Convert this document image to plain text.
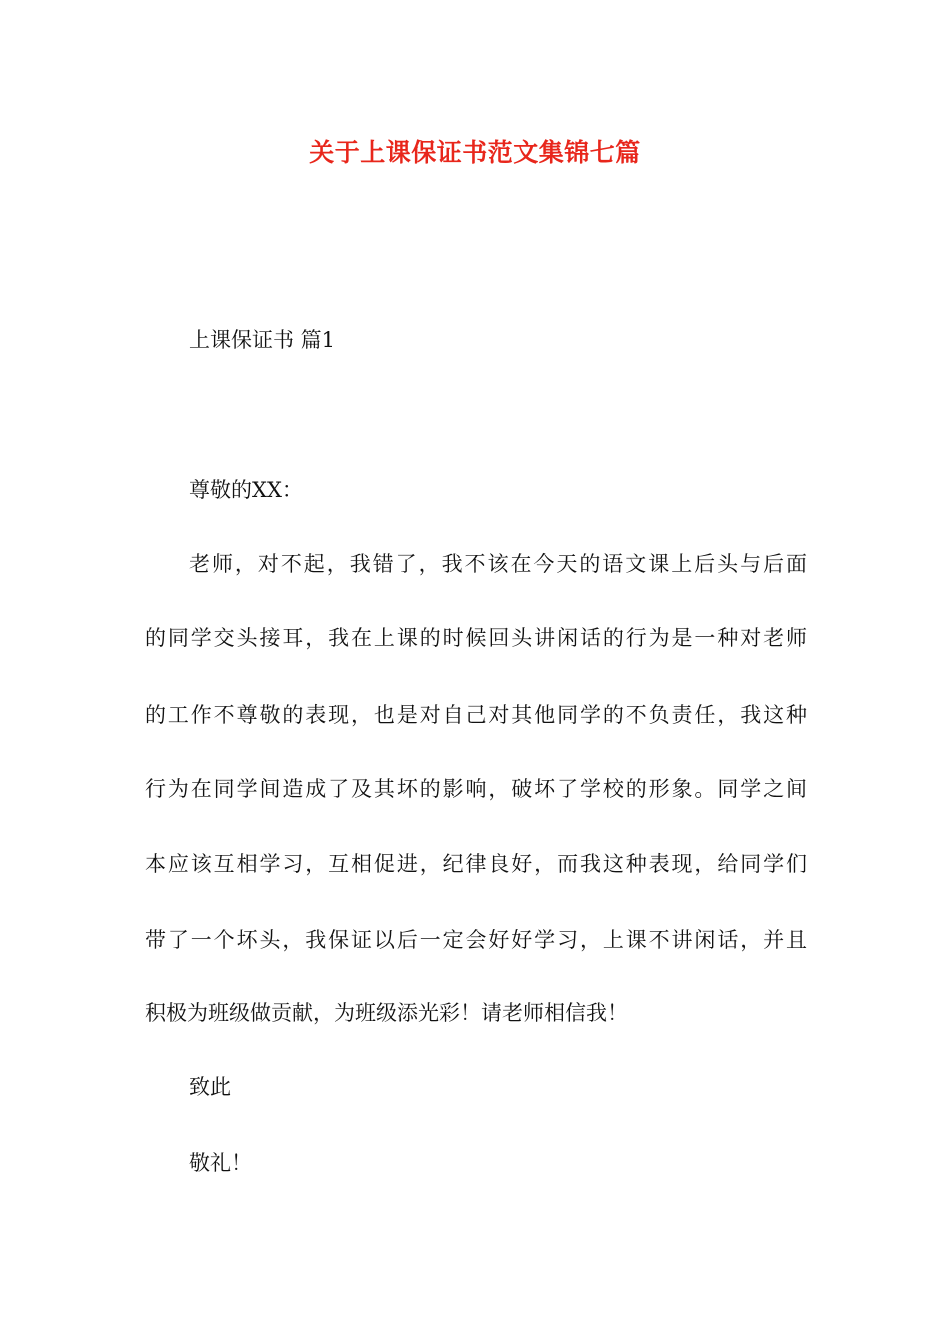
关于上课保证书范文集锦七篇
上课保证书 篇1
尊敬的XX：
老师，对不起，我错了，我不该在今天的语文课上后头与后面
的同学交头接耳，我在上课的时候回头讲闲话的行为是一种对老师
的工作不尊敬的表现，也是对自己对其他同学的不负责任，我这种
行为在同学间造成了及其坏的影响，破坏了学校的形象。同学之间
本应该互相学习，互相促进，纪律良好，而我这种表现，给同学们
带了一个坏头，我保证以后一定会好好学习，上课不讲闲话，并且
积极为班级做贡献，为班级添光彩！请老师相信我！
致此
敬礼！
